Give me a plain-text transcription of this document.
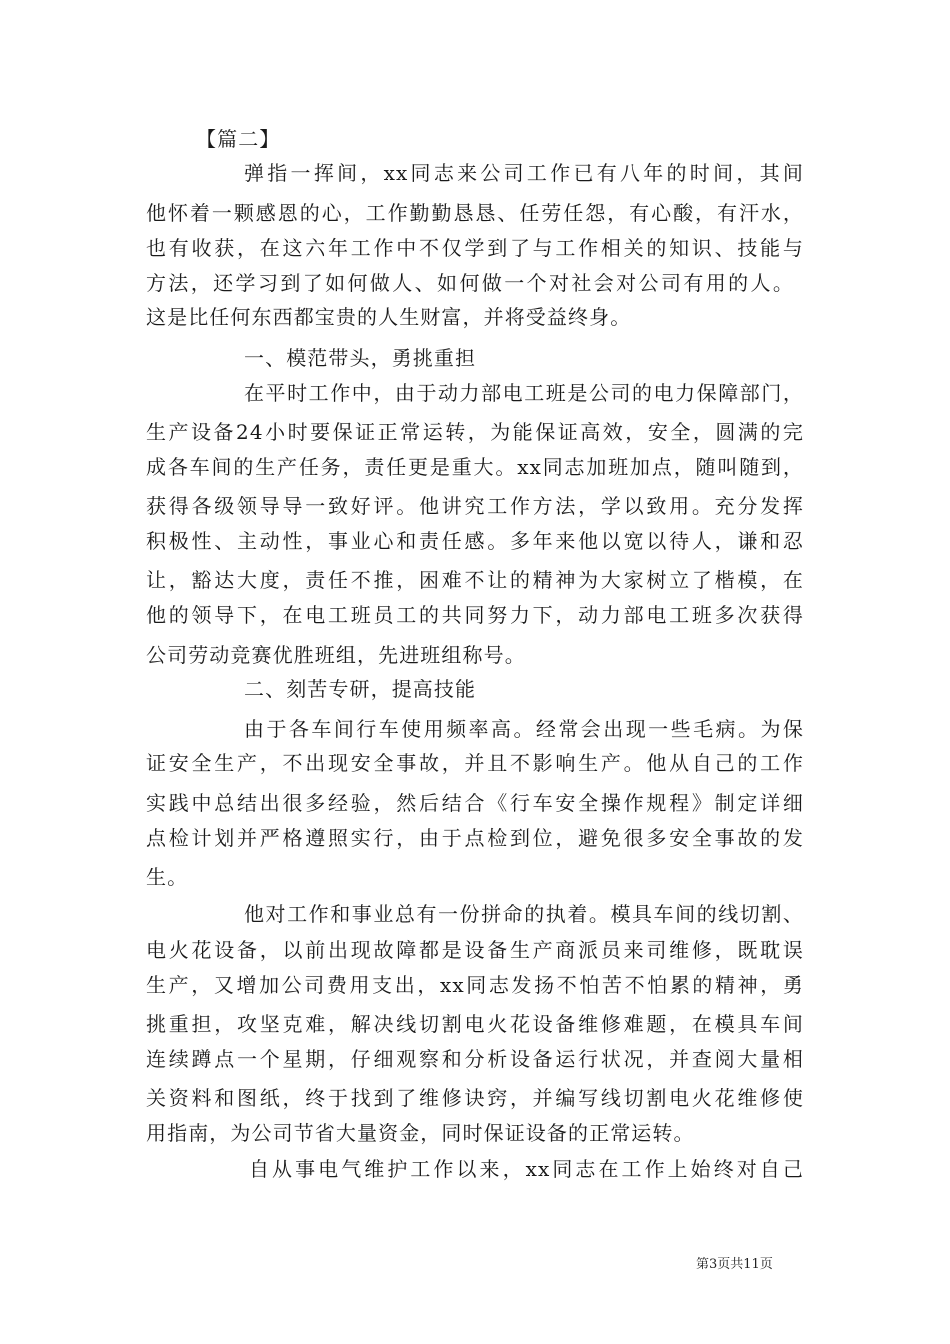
【篇二】
弹指一挥间，xx同志来公司工作已有八年的时间，其间
他怀着一颗感恩的心，工作勤勤恳恳、任劳任怨，有心酸，有汗水，
也有收获，在这六年工作中不仅学到了与工作相关的知识、技能与
方法，还学习到了如何做人、如何做一个对社会对公司有用的人。
这是比任何东西都宝贵的人生财富，并将受益终身。
一、模范带头，勇挑重担
在平时工作中，由于动力部电工班是公司的电力保障部门，
生产设备24小时要保证正常运转，为能保证高效，安全，圆满的完
成各车间的生产任务，责任更是重大。xx同志加班加点，随叫随到，
获得各级领导导一致好评。他讲究工作方法，学以致用。充分发挥
积极性、主动性，事业心和责任感。多年来他以宽以待人，谦和忍
让，豁达大度，责任不推，困难不让的精神为大家树立了楷模，在
他的领导下，在电工班员工的共同努力下，动力部电工班多次获得
公司劳动竞赛优胜班组，先进班组称号。
二、刻苦专研，提高技能
由于各车间行车使用频率高。经常会出现一些毛病。为保
证安全生产，不出现安全事故，并且不影响生产。他从自己的工作
实践中总结出很多经验，然后结合《行车安全操作规程》制定详细
点检计划并严格遵照实行，由于点检到位，避免很多安全事故的发
生。
他对工作和事业总有一份拼命的执着。模具车间的线切割、
电火花设备，以前出现故障都是设备生产商派员来司维修，既耽误
生产，又增加公司费用支出，xx同志发扬不怕苦不怕累的精神，勇
挑重担，攻坚克难，解决线切割电火花设备维修难题，在模具车间
连续蹲点一个星期，仔细观察和分析设备运行状况，并查阅大量相
关资料和图纸，终于找到了维修诀窍，并编写线切割电火花维修使
用指南，为公司节省大量资金，同时保证设备的正常运转。
自从事电气维护工作以来，xx同志在工作上始终对自己
第3页共11页
